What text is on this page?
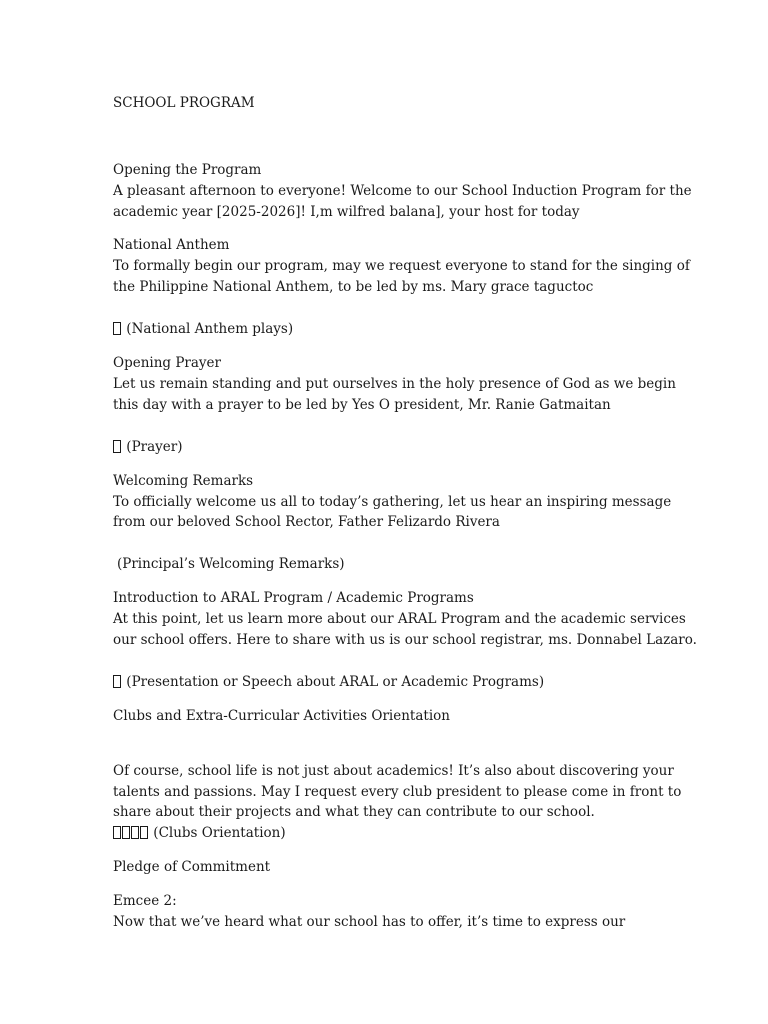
SCHOOL PROGRAM
Opening the Program
A pleasant afternoon to everyone! Welcome to our School Induction Program for the
academic year [2025-2026]! I,m wilfred balana], your host for today
National Anthem
To formally begin our program, may we request everyone to stand for the singing of
the Philippine National Anthem, to be led by ms. Mary grace taguctoc
(National Anthem plays)
Opening Prayer
Let us remain standing and put ourselves in the holy presence of God as we begin
this day with a prayer to be led by Yes O president, Mr. Ranie Gatmaitan
(Prayer)
Welcoming Remarks
To officially welcome us all to today’s gathering, let us hear an inspiring message
from our beloved School Rector, Father Felizardo Rivera
(Principal’s Welcoming Remarks)
Introduction to ARAL Program / Academic Programs
At this point, let us learn more about our ARAL Program and the academic services
our school offers. Here to share with us is our school registrar, ms. Donnabel Lazaro.
(Presentation or Speech about ARAL or Academic Programs)
Clubs and Extra-Curricular Activities Orientation
Of course, school life is not just about academics! It’s also about discovering your
talents and passions. May I request every club president to please come in front to
share about their projects and what they can contribute to our school.
(Clubs Orientation)
Pledge of Commitment
Emcee 2:
Now that we’ve heard what our school has to offer, it’s time to express our
